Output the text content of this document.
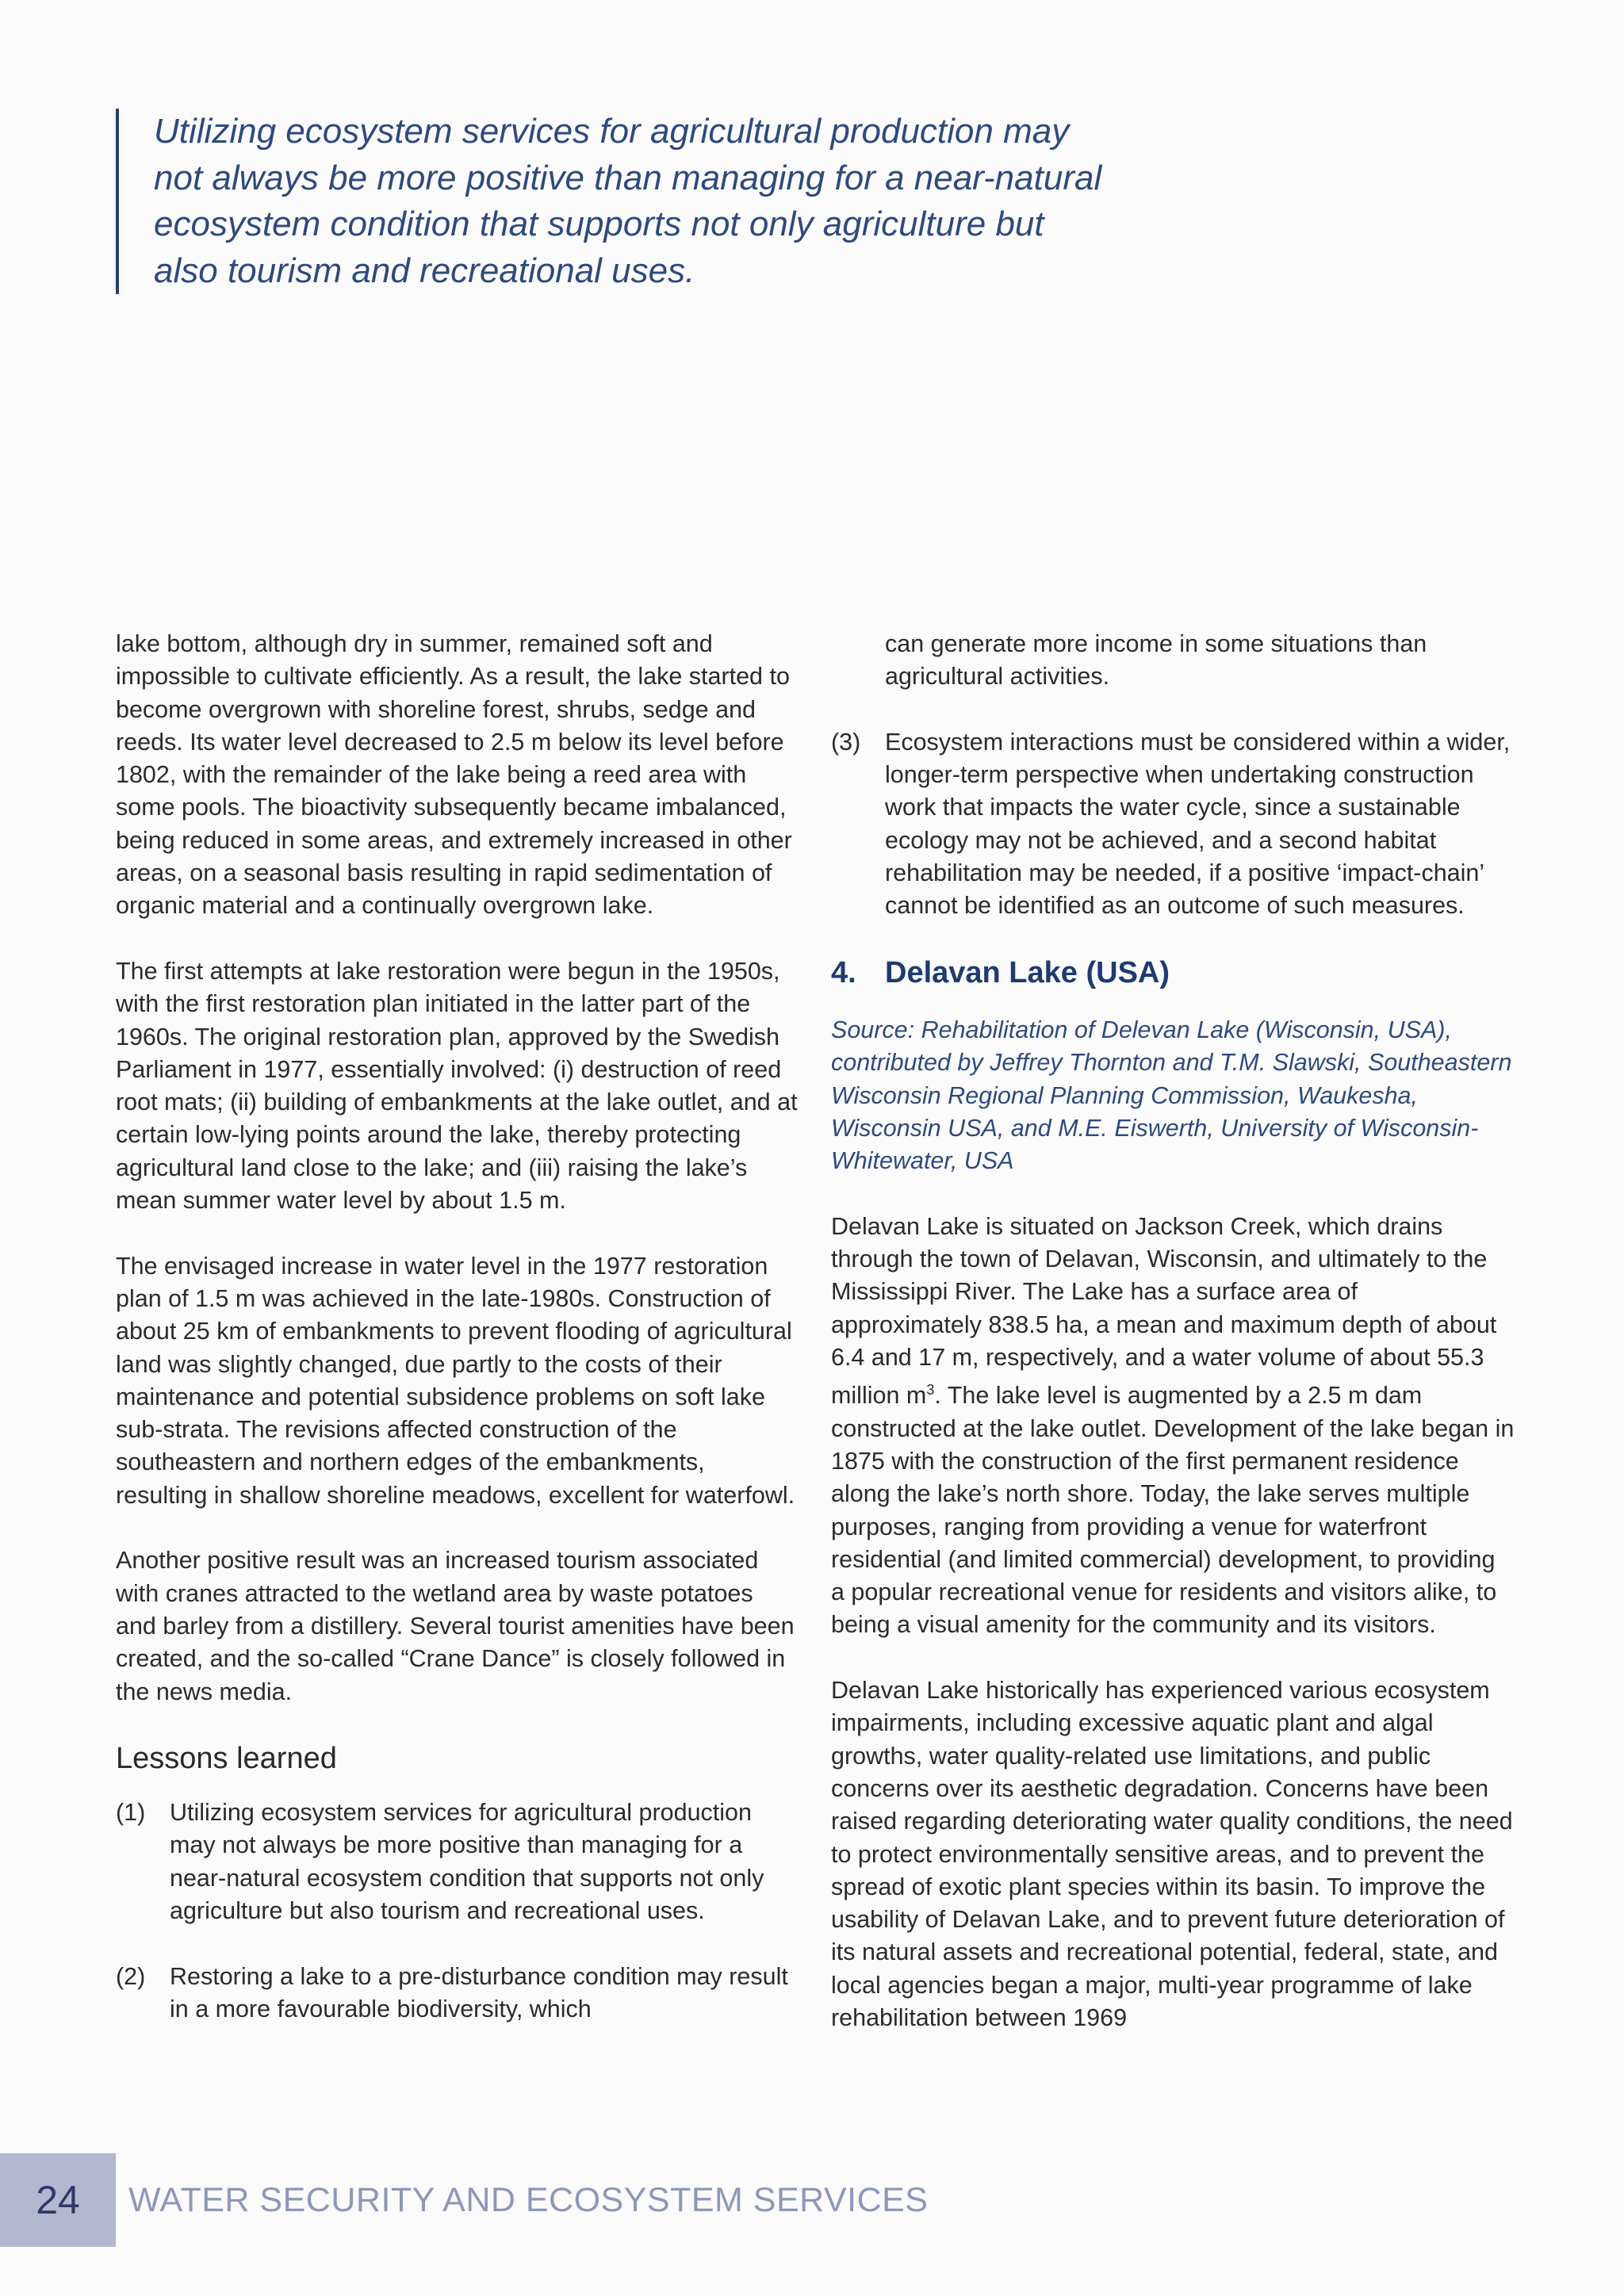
Utilizing ecosystem services for agricultural production may not always be more positive than managing for a near-natural ecosystem condition that supports not only agriculture but also tourism and recreational uses.

lake bottom, although dry in summer, remained soft and impossible to cultivate efficiently. As a result, the lake started to become overgrown with shoreline forest, shrubs, sedge and reeds. Its water level decreased to 2.5 m below its level before 1802, with the remainder of the lake being a reed area with some pools. The bioactivity subsequently became imbalanced, being reduced in some areas, and extremely increased in other areas, on a seasonal basis resulting in rapid sedimentation of organic material and a continually overgrown lake.

The first attempts at lake restoration were begun in the 1950s, with the first restoration plan initiated in the latter part of the 1960s. The original restoration plan, approved by the Swedish Parliament in 1977, essentially involved: (i) destruction of reed root mats; (ii) building of embankments at the lake outlet, and at certain low-lying points around the lake, thereby protecting agricultural land close to the lake; and (iii) raising the lake’s mean summer water level by about 1.5 m.

The envisaged increase in water level in the 1977 restoration plan of 1.5 m was achieved in the late-1980s. Construction of about 25 km of embankments to prevent flooding of agricultural land was slightly changed, due partly to the costs of their maintenance and potential subsidence problems on soft lake sub-strata. The revisions affected construction of the southeastern and northern edges of the embankments, resulting in shallow shoreline meadows, excellent for waterfowl.

Another positive result was an increased tourism associated with cranes attracted to the wetland area by waste potatoes and barley from a distillery. Several tourist amenities have been created, and the so-called “Crane Dance” is closely followed in the news media.

Lessons learned
(1)	Utilizing ecosystem services for agricultural production may not always be more positive than managing for a near-natural ecosystem condition that supports not only agriculture but also tourism and recreational uses.
(2)	Restoring a lake to a pre-disturbance condition may result in a more favourable biodiversity, which
can generate more income in some situations than agricultural activities.
(3)	Ecosystem interactions must be considered within a wider, longer-term perspective when undertaking construction work that impacts the water cycle, since a sustainable ecology may not be achieved, and a second habitat rehabilitation may be needed, if a positive ‘impact-chain’ cannot be identified as an outcome of such measures.
4. Delavan Lake (USA)

Source: Rehabilitation of Delevan Lake (Wisconsin, USA), contributed by Jeffrey Thornton and T.M. Slawski, Southeastern Wisconsin Regional Planning Commission, Waukesha, Wisconsin USA, and M.E. Eiswerth, University of Wisconsin-Whitewater, USA

Delavan Lake is situated on Jackson Creek, which drains through the town of Delavan, Wisconsin, and ultimately to the Mississippi River. The Lake has a surface area of approximately 838.5 ha, a mean and maximum depth of about 6.4 and 17 m, respectively, and a water volume of about 55.3 million $m^3$. The lake level is augmented by a 2.5 m dam constructed at the lake outlet. Development of the lake began in 1875 with the construction of the first permanent residence along the lake’s north shore. Today, the lake serves multiple purposes, ranging from providing a venue for waterfront residential (and limited commercial) development, to providing a popular recreational venue for residents and visitors alike, to being a visual amenity for the community and its visitors.

Delavan Lake historically has experienced various ecosystem impairments, including excessive aquatic plant and algal growths, water quality-related use limitations, and public concerns over its aesthetic degradation. Concerns have been raised regarding deteriorating water quality conditions, the need to protect environmentally sensitive areas, and to prevent the spread of exotic plant species within its basin. To improve the usability of Delavan Lake, and to prevent future deterioration of its natural assets and recreational potential, federal, state, and local agencies began a major, multi-year programme of lake rehabilitation between 1969

24	WATER SECURITY AND ECOSYSTEM SERVICES
